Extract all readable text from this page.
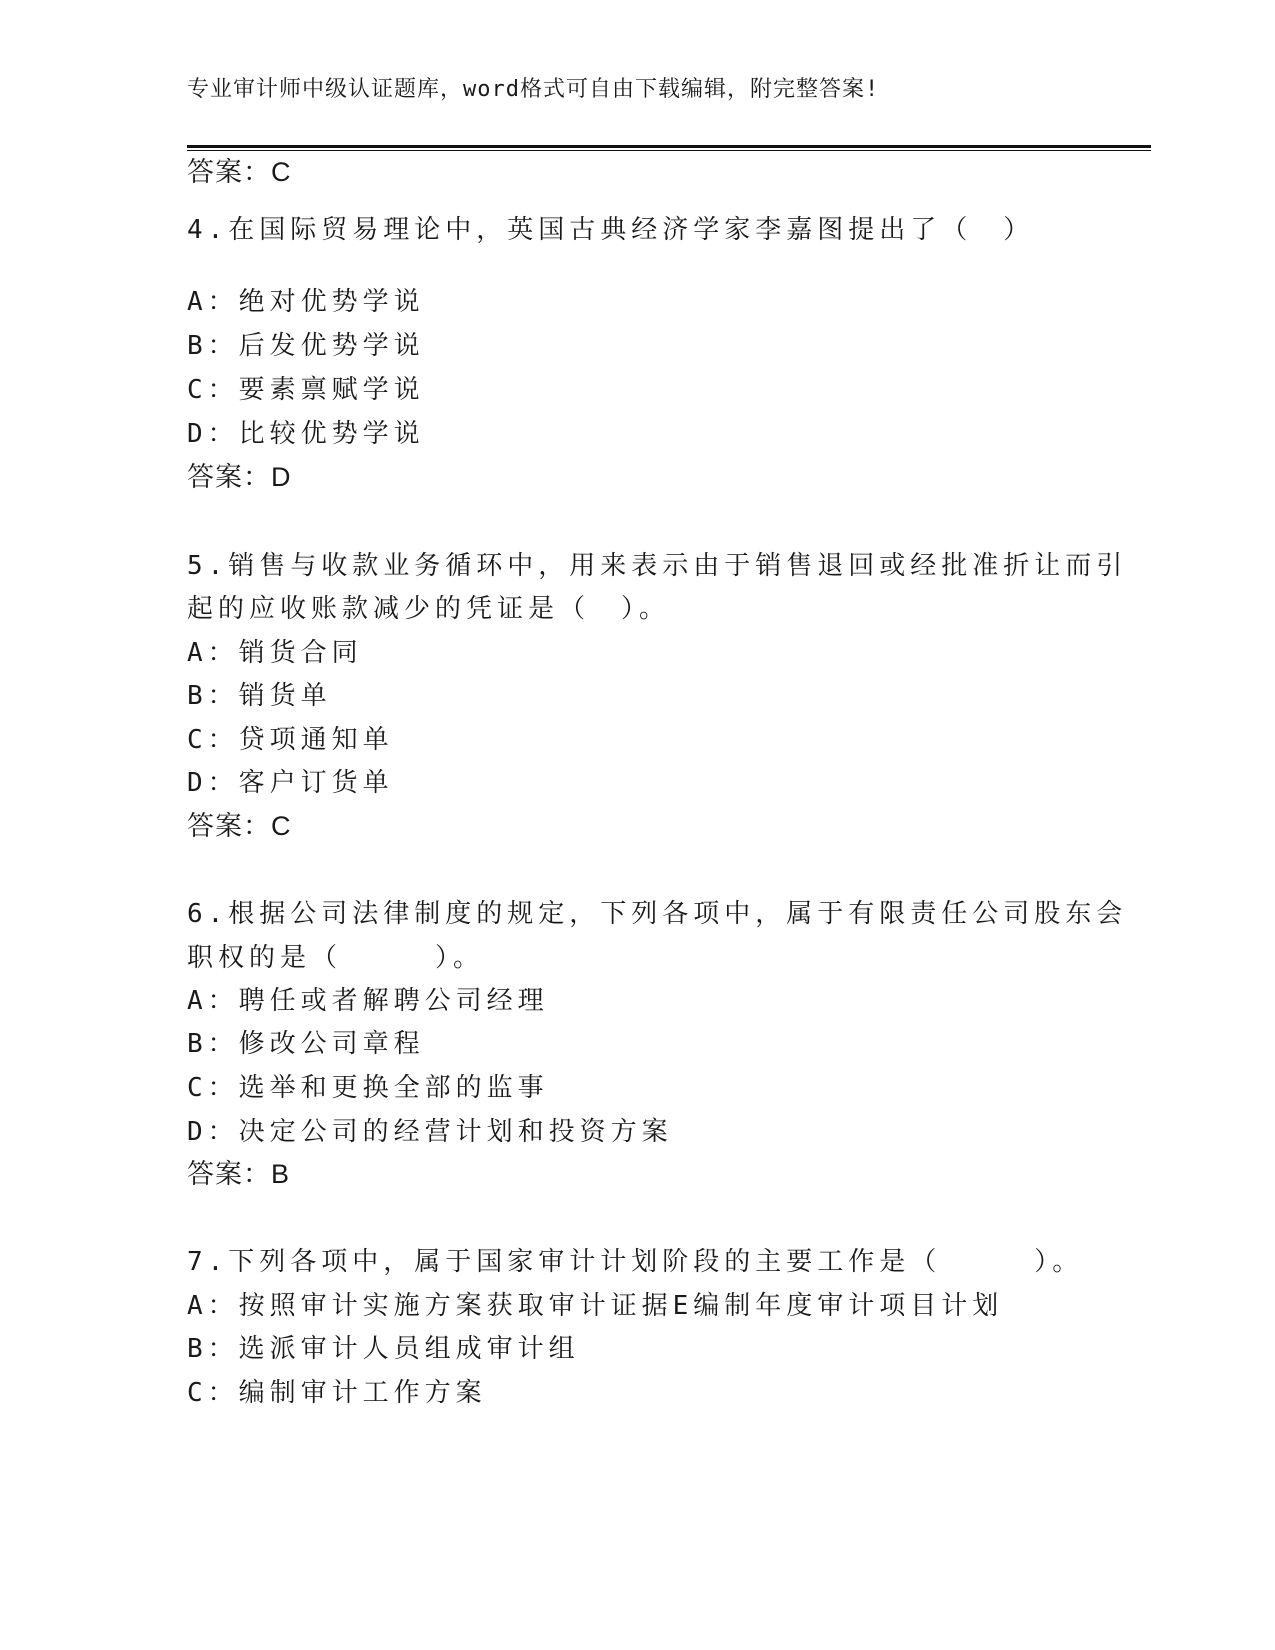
专业审计师中级认证题库，word格式可自由下载编辑，附完整答案!
答案：C
4.在国际贸易理论中，英国古典经济学家李嘉图提出了（　）
A：绝对优势学说
B：后发优势学说
C：要素禀赋学说
D：比较优势学说
答案：D
5.销售与收款业务循环中，用来表示由于销售退回或经批准折让而引
起的应收账款减少的凭证是（　）。
A：销货合同
B：销货单
C：贷项通知单
D：客户订货单
答案：C
6.根据公司法律制度的规定，下列各项中，属于有限责任公司股东会
职权的是（　　　）。
A：聘任或者解聘公司经理
B：修改公司章程
C：选举和更换全部的监事
D：决定公司的经营计划和投资方案
答案：B
7.下列各项中，属于国家审计计划阶段的主要工作是（　　　）。
A：按照审计实施方案获取审计证据E编制年度审计项目计划
B：选派审计人员组成审计组
C：编制审计工作方案
